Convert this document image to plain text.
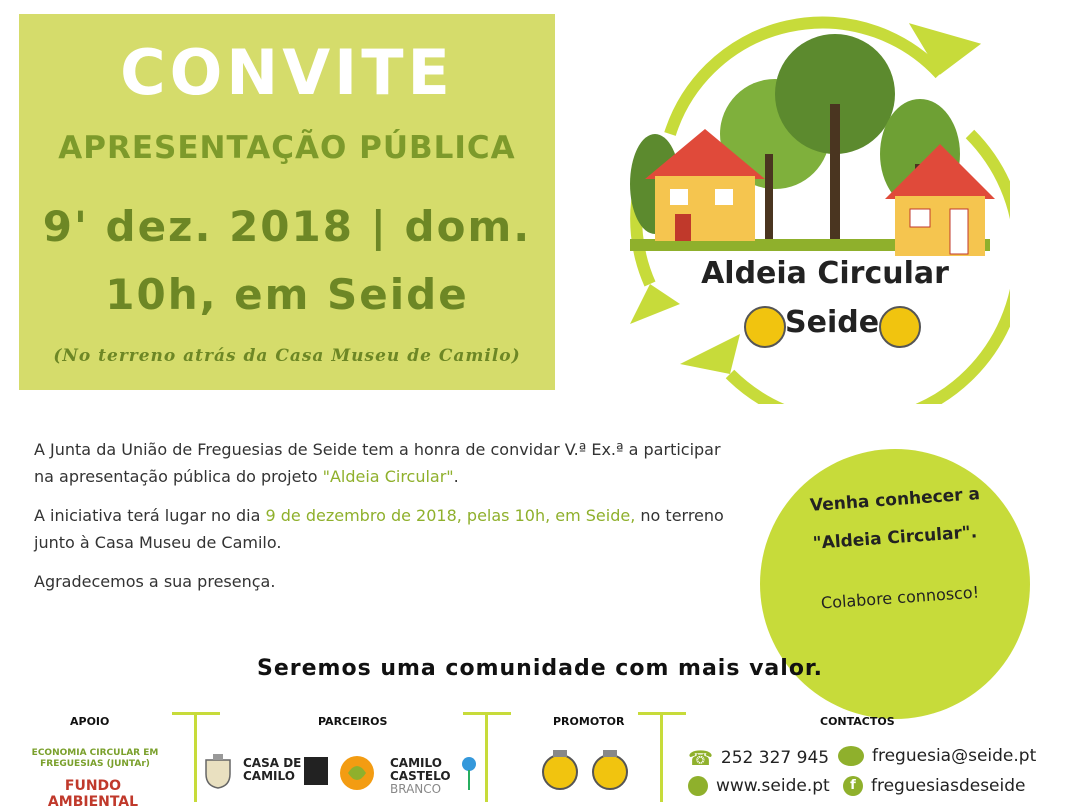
CONVITE
APRESENTAÇÃO PÚBLICA
9' dez. 2018 | dom.
10h, em Seide
(No terreno atrás da Casa Museu de Camilo)
Aldeia Circular
Seide

A Junta da União de Freguesias de Seide tem a honra de convidar V.ª Ex.ª a participar na apresentação pública do projeto "Aldeia Circular".

A iniciativa terá lugar no dia 9 de dezembro de 2018, pelas 10h, em Seide, no terreno junto à Casa Museu de Camilo.

Agradecemos a sua presença.

Venha conhecer a
"Aldeia Circular".
Colabore connosco!
Seremos uma comunidade com mais valor.
APOIO	PARCEIROS	PROMOTOR	CONTACTOS
ECONOMIA CIRCULAR EM FREGUESIAS (JUNTAr)
FUNDO AMBIENTAL
CASA DE CAMILO
CAMILO
CASTELO
BRANCO
☎ 252 327 945	freguesia@seide.pt
www.seide.pt	f freguesiasdeseide
